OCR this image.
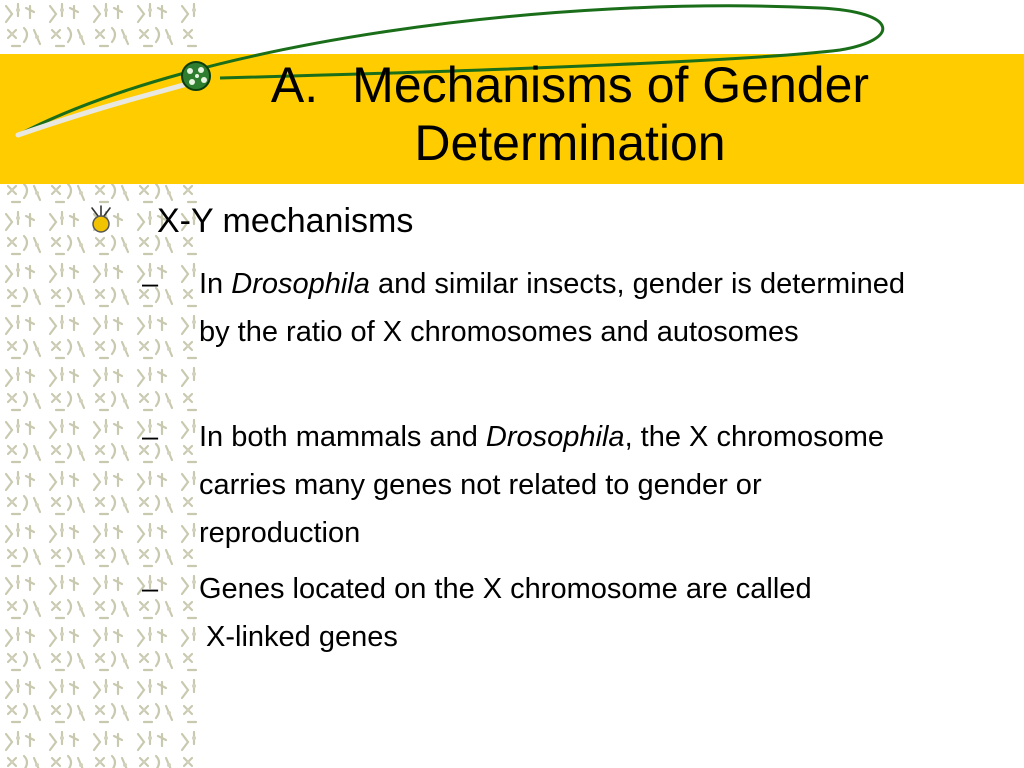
A. Mechanisms of Gender Determination
X-Y mechanisms
– In Drosophila and similar insects, gender is determined by the ratio of X chromosomes and autosomes
– In both mammals and Drosophila, the X chromosome carries many genes not related to gender or reproduction
– Genes located on the X chromosome are called
X-linked genes
